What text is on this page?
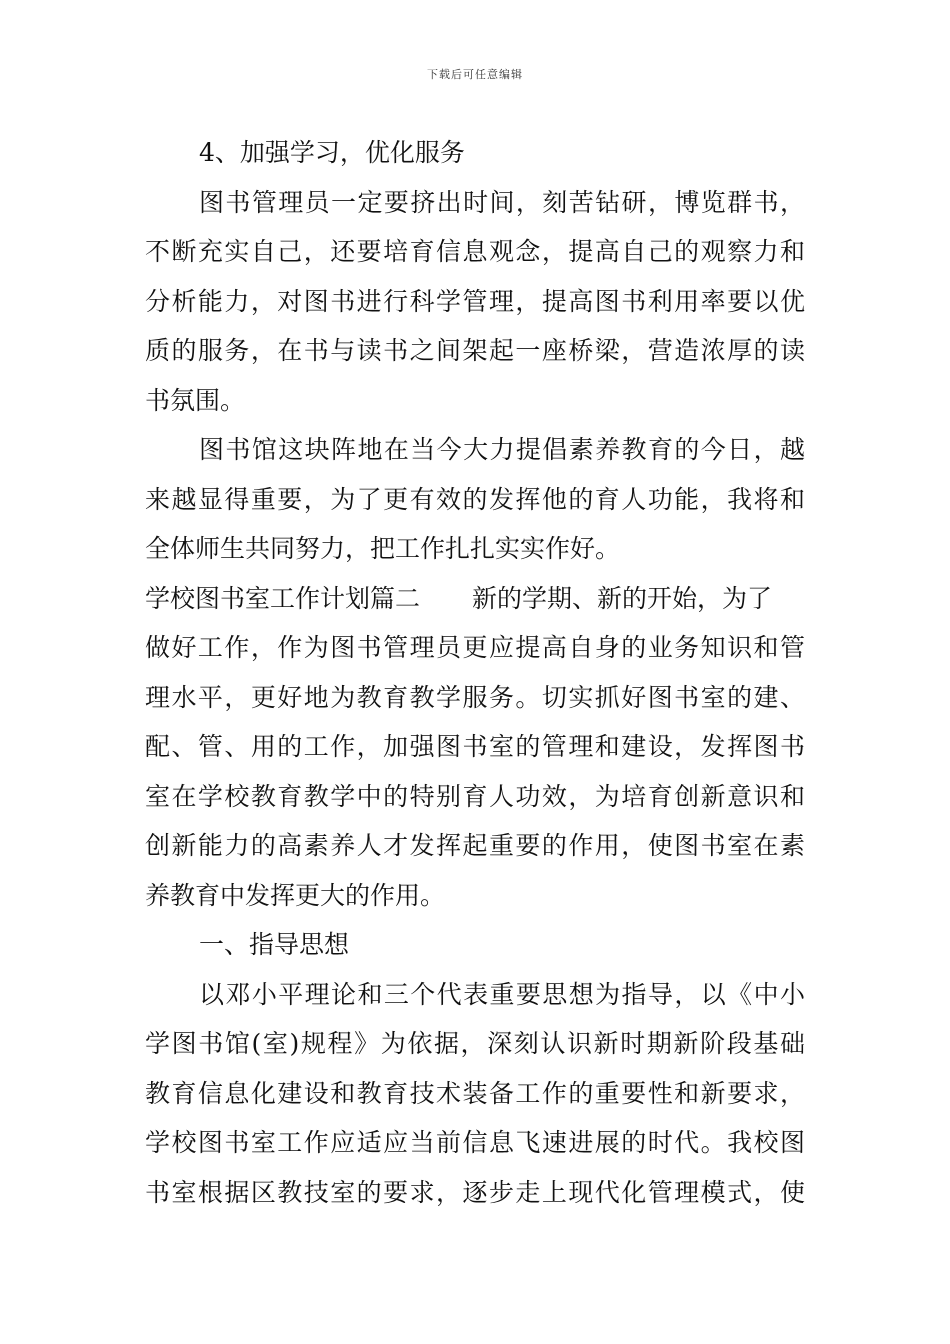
下载后可任意编辑
4、加强学习，优化服务
图书管理员一定要挤出时间，刻苦钻研，博览群书，
不断充实自己，还要培育信息观念，提高自己的观察力和
分析能力，对图书进行科学管理，提高图书利用率要以优
质的服务，在书与读书之间架起一座桥梁，营造浓厚的读
书氛围。
图书馆这块阵地在当今大力提倡素养教育的今日，越
来越显得重要，为了更有效的发挥他的育人功能，我将和
全体师生共同努力，把工作扎扎实实作好。
学校图书室工作计划篇二 新的学期、新的开始，为了
做好工作，作为图书管理员更应提高自身的业务知识和管
理水平，更好地为教育教学服务。切实抓好图书室的建、
配、管、用的工作，加强图书室的管理和建设，发挥图书
室在学校教育教学中的特别育人功效，为培育创新意识和
创新能力的高素养人才发挥起重要的作用，使图书室在素
养教育中发挥更大的作用。
一、指导思想
以邓小平理论和三个代表重要思想为指导，以《中小
学图书馆(室)规程》为依据，深刻认识新时期新阶段基础
教育信息化建设和教育技术装备工作的重要性和新要求，
学校图书室工作应适应当前信息飞速进展的时代。我校图
书室根据区教技室的要求，逐步走上现代化管理模式，使
